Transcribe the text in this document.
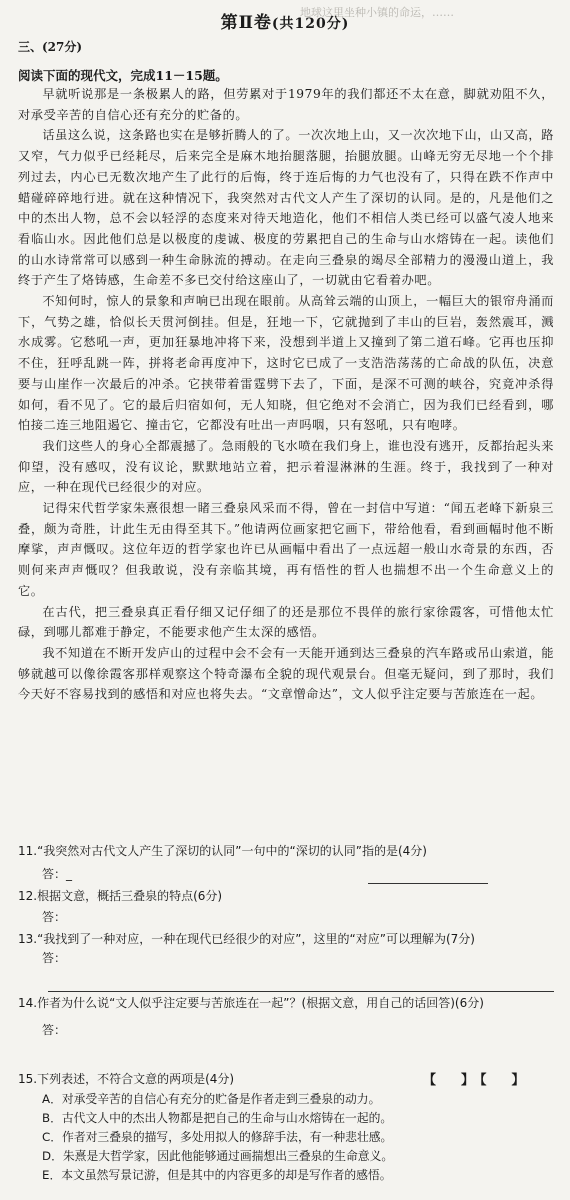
地球这里坐种小镇的命运，……
第Ⅱ卷(共120分)
三、(27分)
阅读下面的现代文，完成11－15题。

早就听说那是一条极累人的路，但劳累对于1979年的我们都还不太在意，脚就劝阻不久，对承受辛苦的自信心还有充分的贮备的。

话虽这么说，这条路也实在是够折腾人的了。一次次地上山，又一次次地下山，山又高，路又窄，气力似乎已经耗尽，后来完全是麻木地抬腿落腿，抬腿放腿。山峰无穷无尽地一个个排列过去，内心已无数次地产生了此行的后悔，终于连后悔的力气也没有了，只得在跌不作声中蜡碰碎碎地行进。就在这种情况下，我突然对古代文人产生了深切的认同。是的，凡是他们之中的杰出人物，总不会以轻浮的态度来对待天地造化，他们不相信人类已经可以盛气凌人地来看临山水。因此他们总是以极度的虔诚、极度的劳累把自己的生命与山水熔铸在一起。读他们的山水诗常常可以感到一种生命脉流的搏动。在走向三叠泉的竭尽全部精力的漫漫山道上，我终于产生了烙铸感，生命差不多已交付给这座山了，一切就由它看着办吧。

不知何时，惊人的景象和声响已出现在眼前。从高耸云端的山顶上，一幅巨大的银帘舟涌而下，气势之雄，恰似长天贯河倒挂。但是，狂地一下，它就抛到了丰山的巨岩，轰然震耳，溅水成雾。它愁吼一声，更加狂暴地冲将下来，没想到半道上又撞到了第二道石峰。它再也压抑不住，狂呼乱跳一阵，拼将老命再度冲下，这时它已成了一支浩浩荡荡的亡命战的队伍，决意要与山崖作一次最后的冲杀。它挟带着雷霆劈下去了，下面，是深不可测的峡谷，究竟冲杀得如何，看不见了。它的最后归宿如何，无人知晓，但它绝对不会消亡，因为我们已经看到，哪怕接二连三地阻遏它、撞击它，它都没有吐出一声吗咽，只有怒吼，只有咆哮。

我们这些人的身心全都震撼了。急雨般的飞水喷在我们身上，谁也没有逃开，反都抬起头来仰望，没有感叹，没有议论，默默地站立着，把示着湿淋淋的生涯。终于，我找到了一种对应，一种在现代已经很少的对应。

记得宋代哲学家朱熹很想一睹三叠泉风采而不得，曾在一封信中写道：“闻五老峰下新泉三叠，颇为奇胜，计此生无由得至其下。”他请两位画家把它画下，带给他看，看到画幅时他不断摩挲，声声慨叹。这位年迈的哲学家也许已从画幅中看出了一点远超一般山水奇景的东西，否则何来声声慨叹？但我敢说，没有亲临其境，再有悟性的哲人也揣想不出一个生命意义上的它。

在古代，把三叠泉真正看仔细又记仔细了的还是那位不畏佯的旅行家徐霞客，可惜他太忙碌，到哪儿都难于静定，不能要求他产生太深的感悟。

我不知道在不断开发庐山的过程中会不会有一天能开通到达三叠泉的汽车路或吊山索道，能够就越可以像徐霞客那样观察这个特奇瀑布全貌的现代观景台。但毫无疑问，到了那时，我们今天好不容易找到的感悟和对应也将失去。“文章憎命达”，文人似乎注定要与苦旅连在一起。

11.“我突然对古代文人产生了深切的认同”一句中的“深切的认同”指的是(4分)
答：_
12.根据文意，概括三叠泉的特点(6分)
答：
13.“我找到了一种对应，一种在现代已经很少的对应”，这里的“对应”可以理解为(7分)
答：
14.作者为什么说“文人似乎注定要与苦旅连在一起”？(根据文意，用自己的话回答)(6分)
答：
15.下列表述，不符合文意的两项是(4分)	【　】【　】
A．对承受辛苦的自信心有充分的贮备是作者走到三叠泉的动力。
B．古代文人中的杰出人物都是把自己的生命与山水熔铸在一起的。
C．作者对三叠泉的描写，多处用拟人的修辞手法，有一种悲壮感。
D．朱熹是大哲学家，因此他能够通过画揣想出三叠泉的生命意义。
E．本文虽然写景记游，但是其中的内容更多的却是写作者的感悟。
